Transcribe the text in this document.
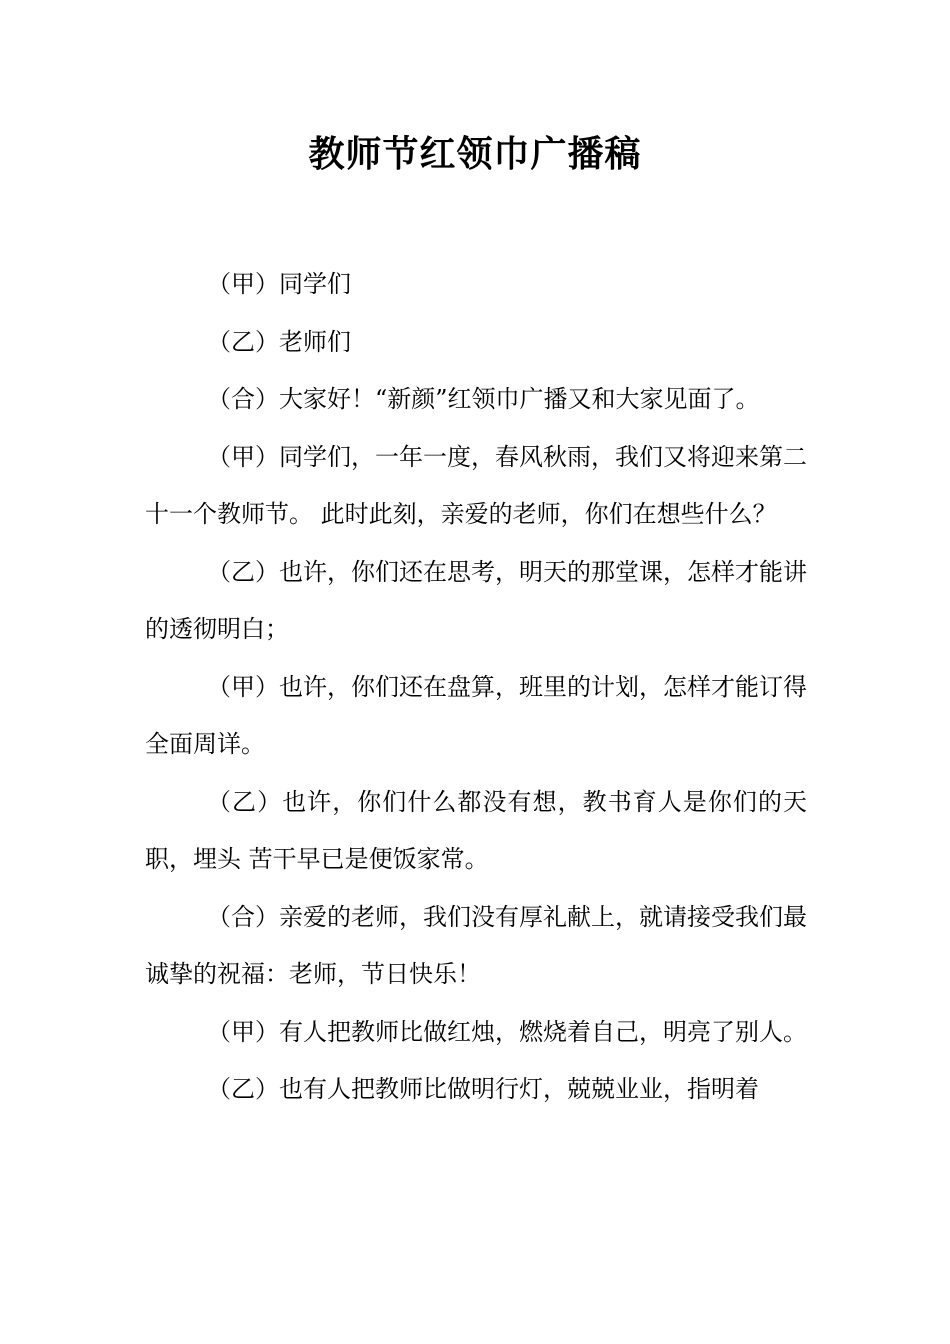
教师节红领巾广播稿

（甲）同学们

（乙）老师们

（合）大家好！“新颜”红领巾广播又和大家见面了。

（甲）同学们，一年一度，春风秋雨，我们又将迎来第二十一个教师节。 此时此刻，亲爱的老师，你们在想些什么？

（乙）也许，你们还在思考，明天的那堂课，怎样才能讲的透彻明白；

（甲）也许，你们还在盘算，班里的计划，怎样才能订得全面周详。

（乙）也许，你们什么都没有想，教书育人是你们的天职，埋头 苦干早已是便饭家常。

（合）亲爱的老师，我们没有厚礼献上，就请接受我们最诚挚的祝福：老师，节日快乐！

（甲）有人把教师比做红烛，燃烧着自己，明亮了别人。

（乙）也有人把教师比做明行灯，兢兢业业，指明着
